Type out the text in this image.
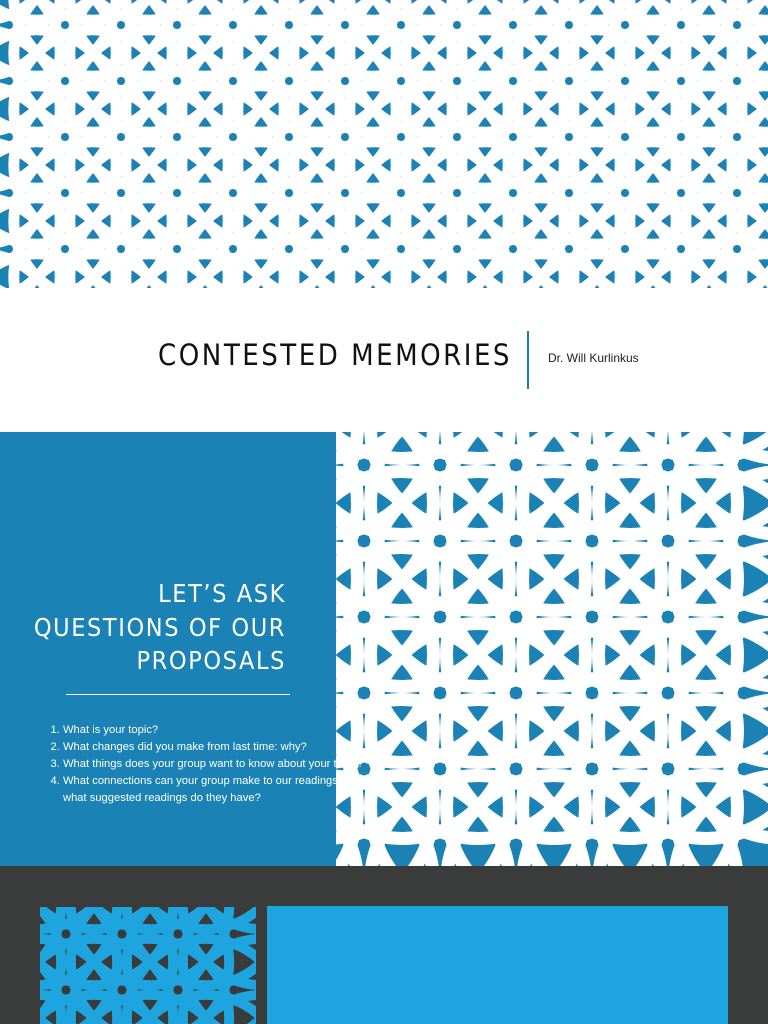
CONTESTED MEMORIES	Dr. Will Kurlinkus
LET’S ASK
QUESTIONS OF OUR
PROPOSALS
1. What is your topic?
2. What changes did you make from last time: why?
3. What things does your group want to know about your topic?
4. What connections can your group make to our readings and what suggested readings do they have?
